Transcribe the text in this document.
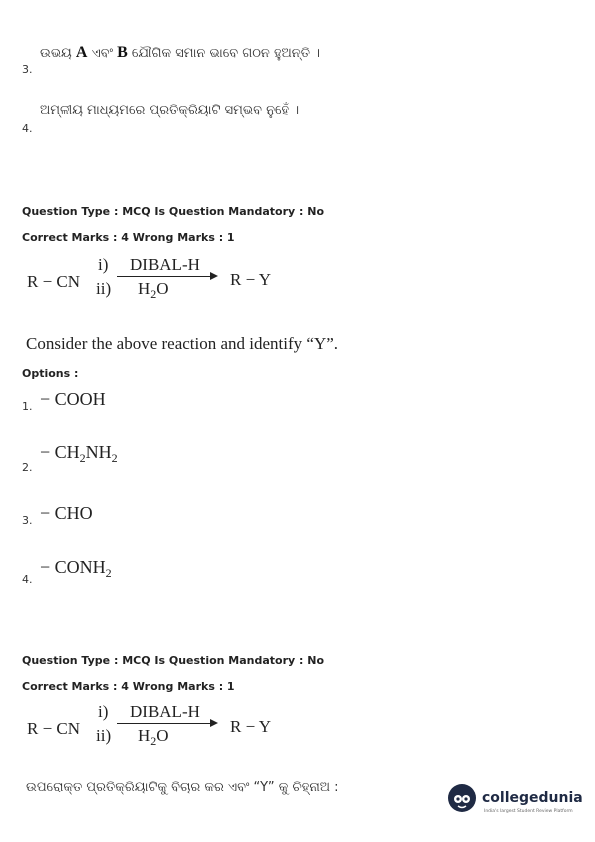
3.
ଉଭୟ A ଏବଂ B ଯୌଗିକ ସମାନ ଭାବେ ଗଠନ ହୁଅନ୍ତି ।
4.
ଅମ୍ଳୀୟ ମାଧ୍ୟମରେ ପ୍ରତିକ୍ରିୟାଟି ସମ୍ଭବ ନୁହେଁ ।
Question Type : MCQ Is Question Mandatory : No
Correct Marks : 4 Wrong Marks : 1
R − CN
i) DIBAL-H
ii) $H_2O$	R − Y
Consider the above reaction and identify “Y”.
Options :
1. − COOH
2.
− $CH_2NH_2$
3. − CHO
4.
− $CONH_2$
Question Type : MCQ Is Question Mandatory : No
Correct Marks : 4 Wrong Marks : 1
R − CN
i) DIBAL-H
ii) $H_2O$	R − Y
ଉପରୋକ୍ତ ପ୍ରତିକ୍ରିୟାଟିକୁ ବିଚାର କର ଏବଂ “Y” କୁ ଚିହ୍ନାଅ :
collegedunia
India's largest Student Review Platform
